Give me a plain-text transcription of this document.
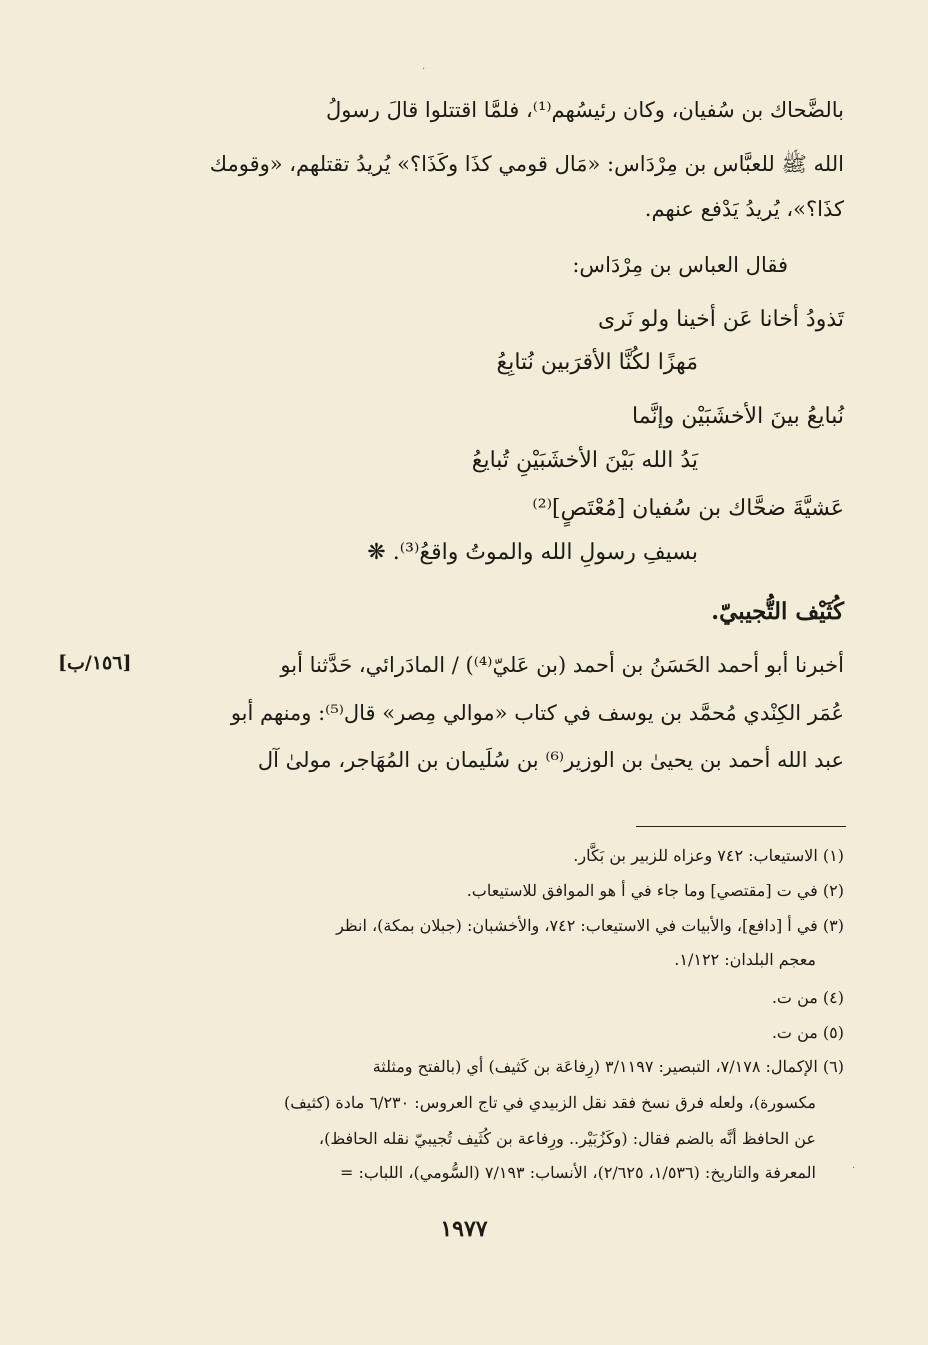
بالضَّحاك بن سُفيان، وكان رئيسُهم⁽¹⁾، فلمَّا اقتتلوا قالَ رسولُ
الله ﷺ للعبَّاس بن مِرْدَاس: «مَال قومي كذَا وكَذَا؟» يُريدُ تقتلهم، «وقومك
كذَا؟»، يُريدُ يَدْفع عنهم.
فقال العباس بن مِرْدَاس:
تَذودُ أخانا عَن أخينا ولو نَرى
مَهزًا لكُنَّا الأقرَبين نُتابِعُ
نُبايعُ بينَ الأخشَبَيْن وإنَّما
يَدُ الله بَيْنَ الأخشَبَيْنِ تُبايعُ
عَشيَّةَ ضحَّاك بن سُفيان [مُعْتَصٍ]⁽²⁾
بسيفِ رسولِ الله والموتُ واقعُ⁽³⁾. ❋
كُثَيْف التُّجيبيّ.
أخبرنا أبو أحمد الحَسَنُ بن أحمد (بن عَليّ⁽⁴⁾) / المادَرائي، حَدَّثنا أبو
[١٥٦/ب]
عُمَر الكِنْدي مُحمَّد بن يوسف في كتاب «موالي مِصر» قال⁽⁵⁾: ومنهم أبو
عبد الله أحمد بن يحيىٰ بن الوزير⁽⁶⁾ بن سُلَيمان بن المُهَاجر، مولىٰ آل
(١) الاستيعاب: ٧٤٢ وعزاه للزبير بن بَكَّار.
(٢) في ت [مقتصي] وما جاء في أ هو الموافق للاستيعاب.
(٣) في أ [دافع]، والأبيات في الاستيعاب: ٧٤٢، والأخشبان: (جبلان بمكة)، انظر
معجم البلدان: ١/١٢٢.
(٤) من ت.
(٥) من ت.
(٦) الإكمال: ٧/١٧٨، التبصير: ٣/١١٩٧ (رِفاعَة بن كَثيف) أي (بالفتح ومثلثة
مكسورة)، ولعله فرق نسخ فقد نقل الزبيدي في تاج العروس: ٦/٢٣٠ مادة (كثيف)
عن الحافظ أنَّه بالضم فقال: (وكَزُبَيْر.. ورِفاعة بن كُثَيف تُجيبيّ نقله الحافظ)،
المعرفة والتاريخ: (١/٥٣٦، ٢/٦٢٥)، الأنساب: ٧/١٩٣ (السُّومي)، اللباب: =
١٩٧٧
·
·
